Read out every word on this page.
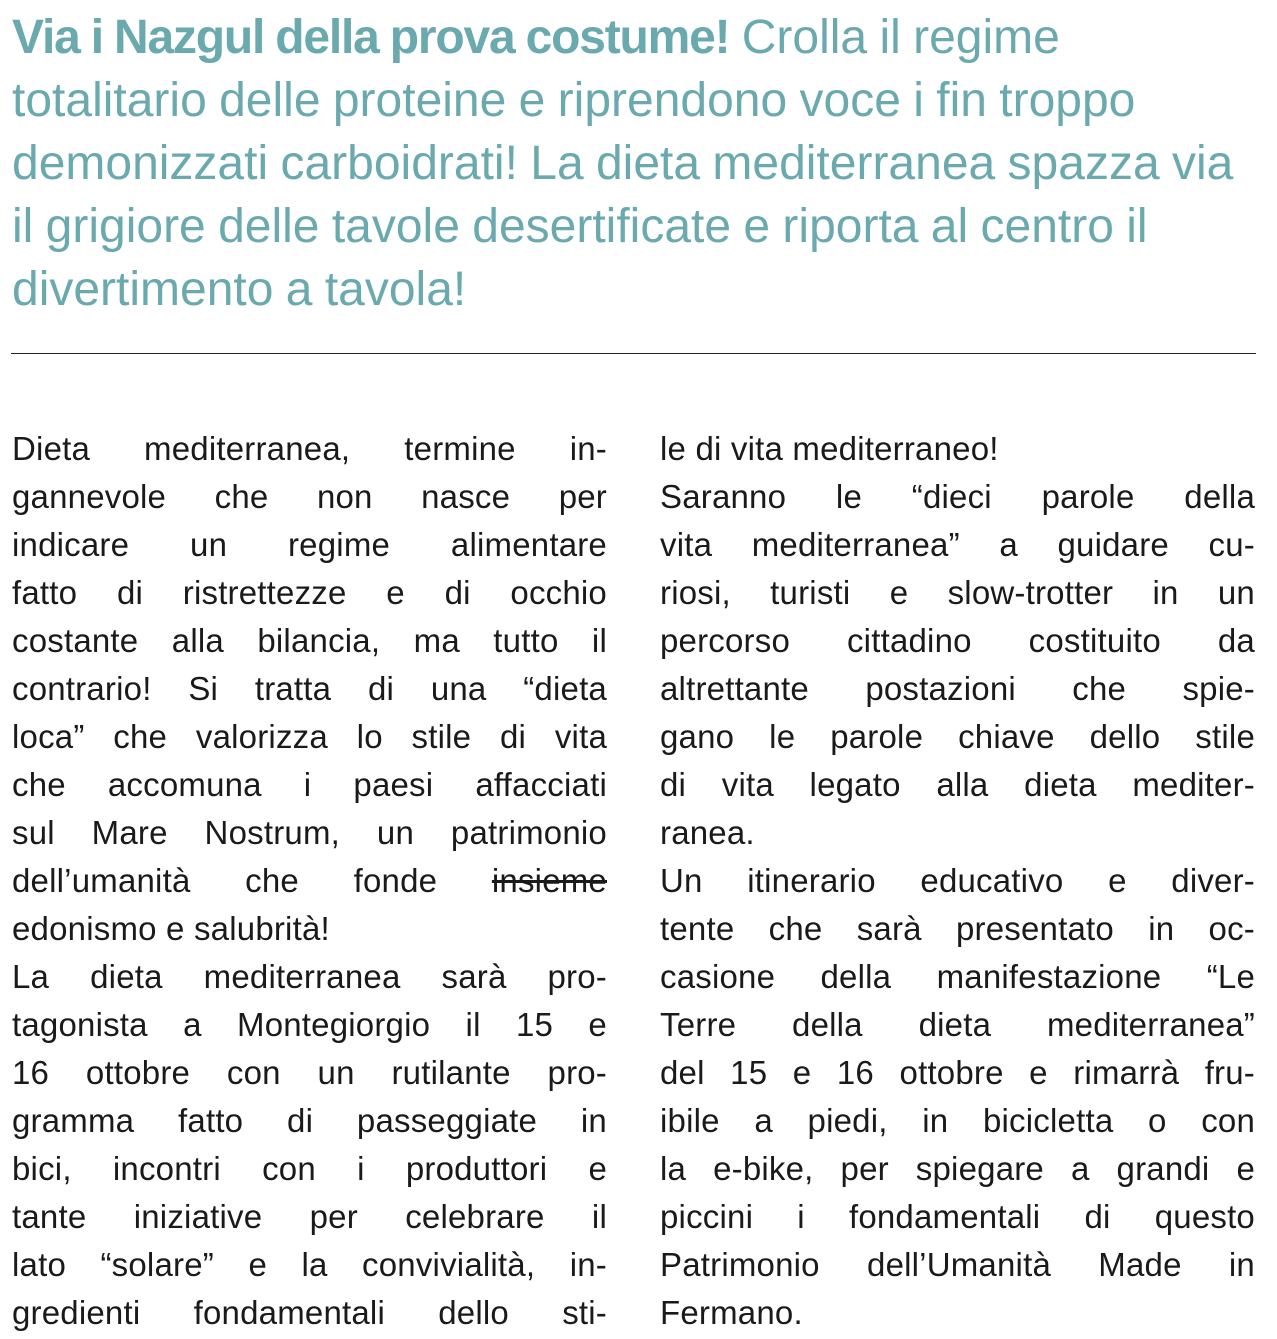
Via i Nazgul della prova costume! Crolla il regime totalitario delle proteine e riprendono voce i fin troppo demonizzati carboidrati! La dieta mediterranea spazza via il grigiore delle tavole desertificate e riporta al centro il divertimento a tavola!

Dieta mediterranea, termine in-

gannevole che non nasce per

indicare un regime alimentare

fatto di ristrettezze e di occhio

costante alla bilancia, ma tutto il

contrario! Si tratta di una “dieta

loca” che valorizza lo stile di vita

che accomuna i paesi affacciati

sul Mare Nostrum, un patrimonio

dell’umanità che fonde insieme

edonismo e salubrità!

La dieta mediterranea sarà pro-

tagonista a Montegiorgio il 15 e

16 ottobre con un rutilante pro-

gramma fatto di passeggiate in

bici, incontri con i produttori e

tante iniziative per celebrare il

lato “solare” e la convivialità, in-

gredienti fondamentali dello sti-

le di vita mediterraneo!

Saranno le “dieci parole della

vita mediterranea” a guidare cu-

riosi, turisti e slow-trotter in un

percorso cittadino costituito da

altrettante postazioni che spie-

gano le parole chiave dello stile

di vita legato alla dieta mediter-

ranea.

Un itinerario educativo e diver-

tente che sarà presentato in oc-

casione della manifestazione “Le

Terre della dieta mediterranea”

del 15 e 16 ottobre e rimarrà fru-

ibile a piedi, in bicicletta o con

la e-bike, per spiegare a grandi e

piccini i fondamentali di questo

Patrimonio dell’Umanità Made in

Fermano.
